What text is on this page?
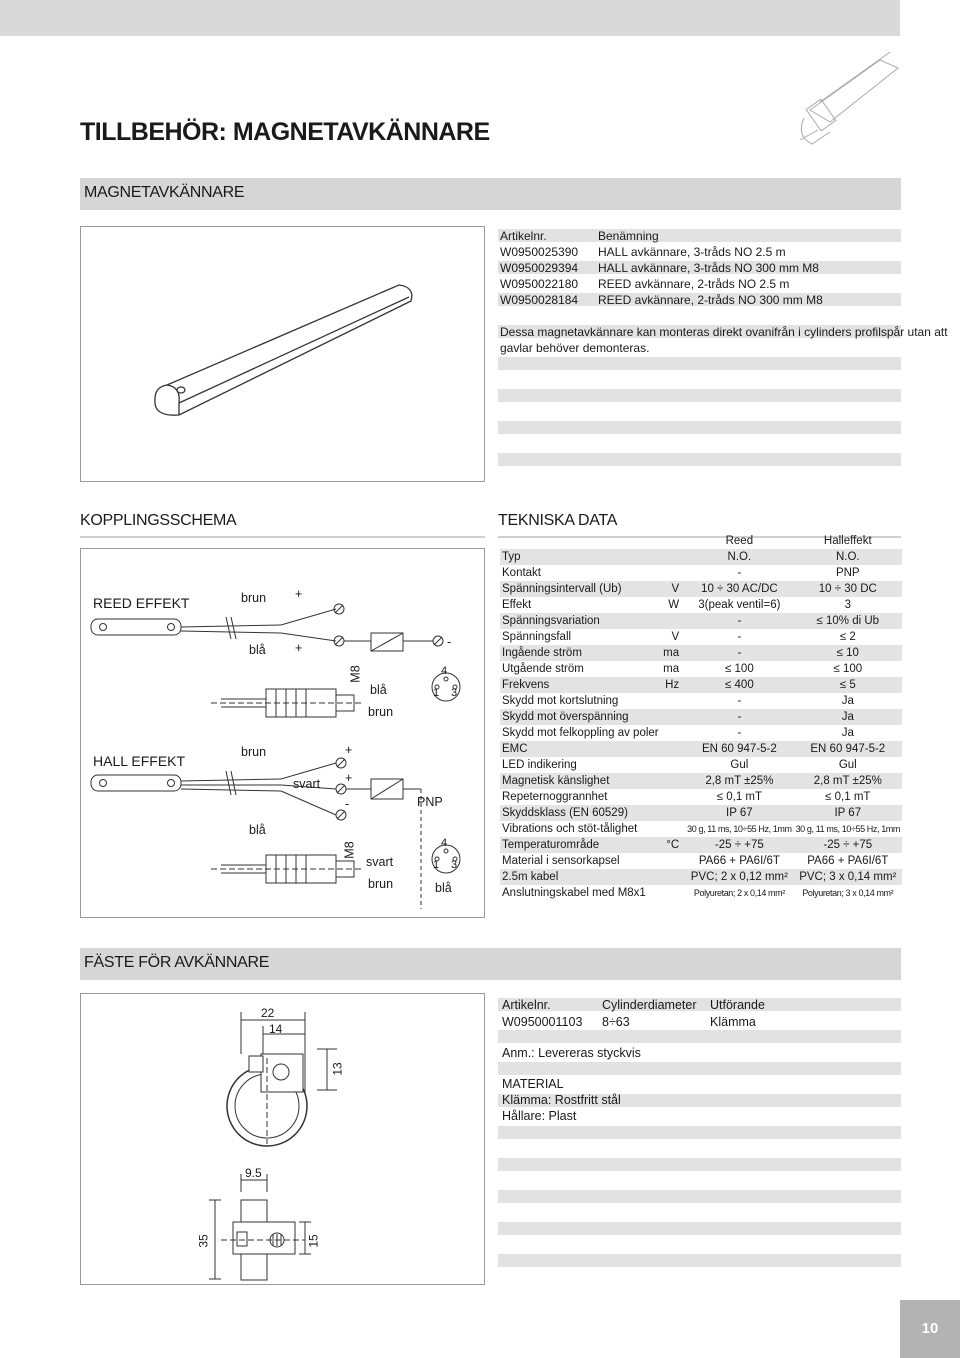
TILLBEHÖR: MAGNETAVKÄNNARE
MAGNETAVKÄNNARE
Artikelnr.	Benämning
W0950025390 HALL avkännare, 3-tråds NO 2.5 m
W0950029394 HALL avkännare, 3-tråds NO 300 mm M8
W0950022180 REED avkännare, 2-tråds NO 2.5 m
W0950028184 REED avkännare, 2-tråds NO 300 mm M8
Dessa magnetavkännare kan monteras direkt ovanifrån i cylinders profilspår utan att
gavlar behöver demonteras.
KOPPLINGSSCHEMA
REED EFFEKT
HALL EFFEKT
brun +
blå +	-
M8
blå
brun
4
1 3
brun	+
svart +
-	PNP
blå
M8
svart
brun	blå
4
1 3
TEKNISKA DATA
		Reed	Halleffekt
Typ		N.O.	N.O.
Kontakt		-	PNP
Spänningsintervall (Ub)	V	10 ÷ 30 AC/DC	10 ÷ 30 DC
Effekt	W	3(peak ventil=6)	3
Spänningsvariation		-	≤ 10% di Ub
Spänningsfall	V	-	≤ 2
Ingående ström	ma	-	≤ 10
Utgående ström	ma	≤ 100	≤ 100
Frekvens	Hz	≤ 400	≤ 5
Skydd mot kortslutning		-	Ja
Skydd mot överspänning		-	Ja
Skydd mot felkoppling av poler		-	Ja
EMC		EN 60 947-5-2	EN 60 947-5-2
LED indikering		Gul	Gul
Magnetisk känslighet		2,8 mT ±25%	2,8 mT ±25%
Repeternoggrannhet		≤ 0,1 mT	≤ 0,1 mT
Skyddsklass (EN 60529)		IP 67	IP 67
Vibrations och stöt-tålighet		30 g, 11 ms, 10÷55 Hz, 1mm	30 g, 11 ms, 10÷55 Hz, 1mm
Temperaturområde	°C	-25 ÷ +75	-25 ÷ +75
Material i sensorkapsel		PA66 + PA6I/6T	PA66 + PA6I/6T
2.5m kabel		PVC; 2 x 0,12 mm²	PVC; 3 x 0,14 mm²
Anslutningskabel med M8x1		Polyuretan; 2 x 0,14 mm²	Polyuretan; 3 x 0,14 mm²
FÄSTE FÖR AVKÄNNARE
22
14
13
9.5
35	15
Artikelnr.	Cylinderdiameter Utförande
W0950001103 8÷63	Klämma
Anm.: Levereras styckvis
MATERIAL
Klämma: Rostfritt stål
Hållare: Plast
10
